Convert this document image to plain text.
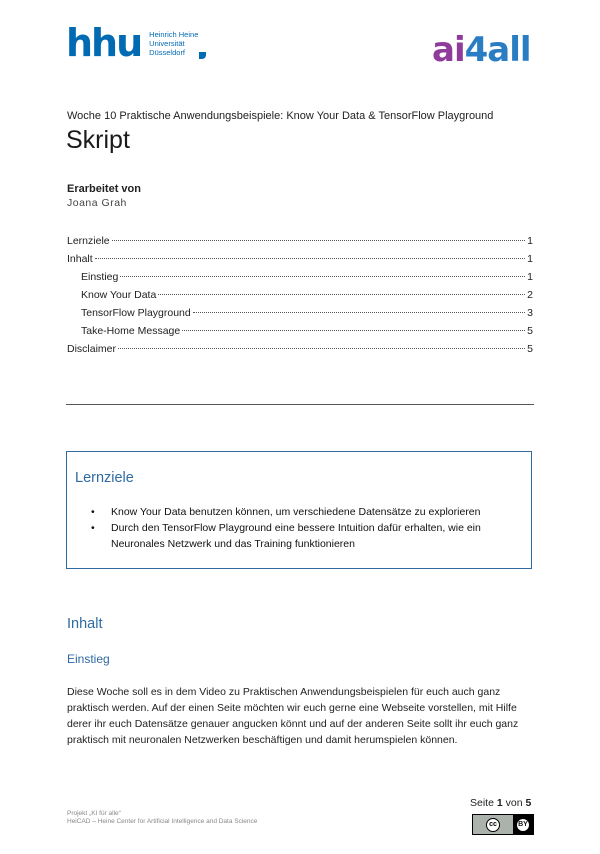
hhu Heinrich Heine
Universität
Düsseldorf	ai4all
Woche 10 Praktische Anwendungsbeispiele: Know Your Data & TensorFlow Playground
Skript
Erarbeitet von
Joana Grah
Lernziele	1
Inhalt	1
Einstieg	1
Know Your Data	2
TensorFlow Playground	3
Take-Home Message	5
Disclaimer	5
Lernziele
• Know Your Data benutzen können, um verschiedene Datensätze zu explorieren
• Durch den TensorFlow Playground eine bessere Intuition dafür erhalten, wie ein Neuronales Netzwerk und das Training funktionieren
Inhalt
Einstieg
Diese Woche soll es in dem Video zu Praktischen Anwendungsbeispielen für euch auch ganz praktisch werden. Auf der einen Seite möchten wir euch gerne eine Webseite vorstellen, mit Hilfe derer ihr euch Datensätze genauer angucken könnt und auf der anderen Seite sollt ihr euch ganz praktisch mit neuronalen Netzwerken beschäftigen und damit herumspielen können.
Seite 1 von 5
Projekt „KI für alle“
HeiCAD – Heine Center for Artificial Intelligence and Data Science	cc	BY
